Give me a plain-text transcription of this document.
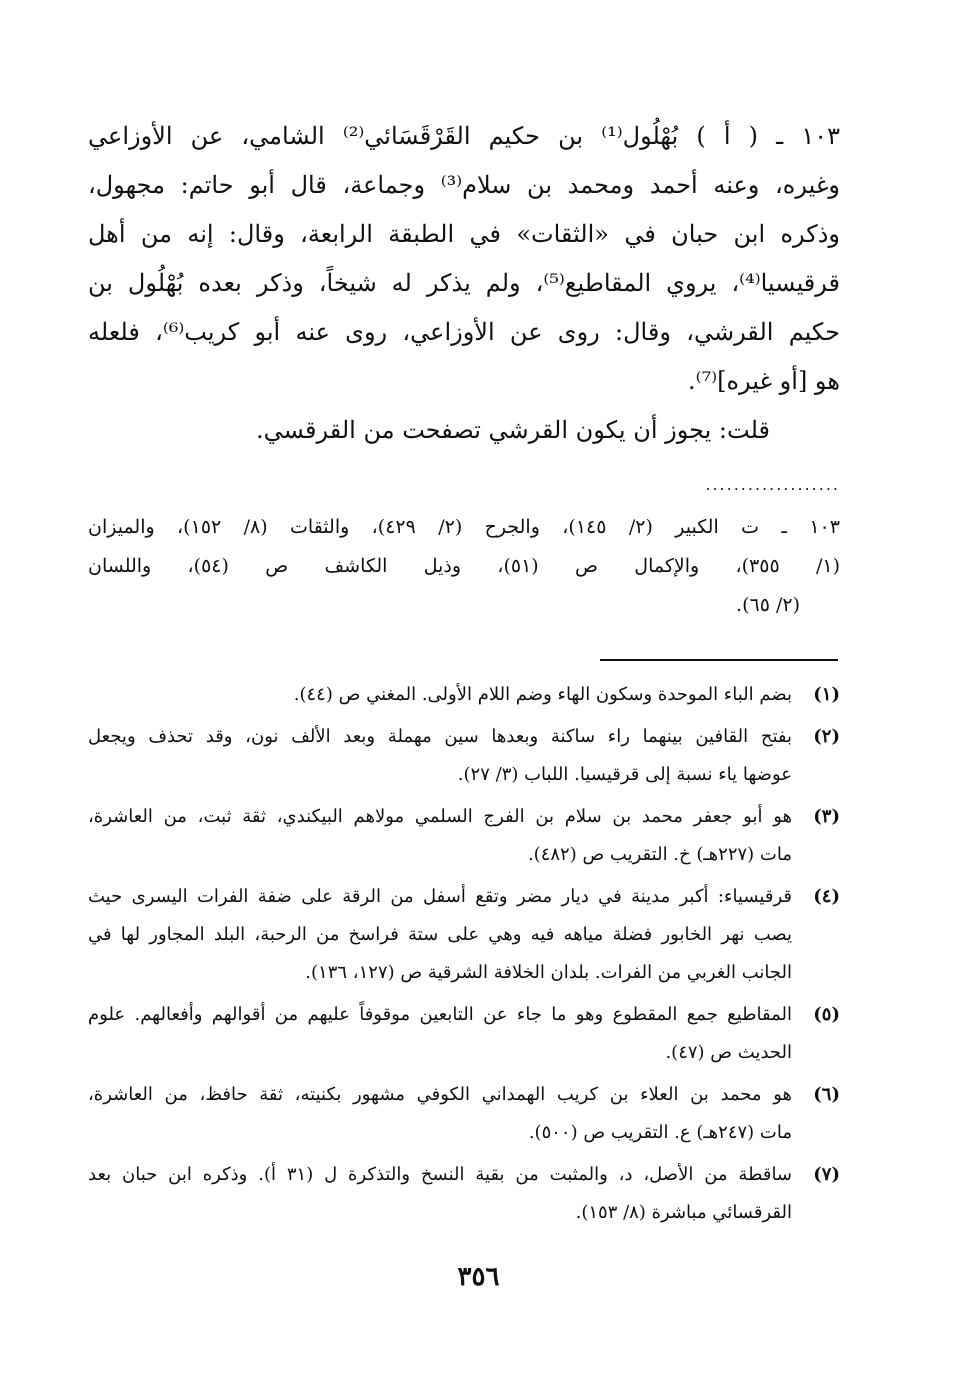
١٠٣ ـ ( أ ) بُهْلُول⁽¹⁾ بن حكيم القَرْقَسَائي⁽²⁾ الشامي، عن الأوزاعي
وغيره، وعنه أحمد ومحمد بن سلام⁽³⁾ وجماعة، قال أبو حاتم: مجهول،
وذكره ابن حبان في «الثقات» في الطبقة الرابعة، وقال: إنه من أهل
قرقيسيا⁽⁴⁾، يروي المقاطيع⁽⁵⁾، ولم يذكر له شيخاً، وذكر بعده بُهْلُول بن
حكيم القرشي، وقال: روى عن الأوزاعي، روى عنه أبو كريب⁽⁶⁾، فلعله
هو [أو غيره]⁽⁷⁾.
قلت: يجوز أن يكون القرشي تصفحت من القرقسي.
...................
١٠٣ ـ ت الكبير (٢/ ١٤٥)، والجرح (٢/ ٤٢٩)، والثقات (٨/ ١٥٢)، والميزان
(١/ ٣٥٥)، والإكمال ص (٥١)، وذيل الكاشف ص (٥٤)، واللسان
(٢/ ٦٥).
(١)
بضم الباء الموحدة وسكون الهاء وضم اللام الأولى. المغني ص (٤٤).
(٢)
بفتح القافين بينهما راء ساكنة وبعدها سين مهملة وبعد الألف نون، وقد تحذف ويجعل
عوضها ياء نسبة إلى قرقيسيا. اللباب (٣/ ٢٧).
(٣)
هو أبو جعفر محمد بن سلام بن الفرج السلمي مولاهم البيكندي، ثقة ثبت، من العاشرة،
مات (٢٢٧هـ) خ. التقريب ص (٤٨٢).
(٤)
قرقيسياء: أكبر مدينة في ديار مضر وتقع أسفل من الرقة على ضفة الفرات اليسرى حيث
يصب نهر الخابور فضلة مياهه فيه وهي على ستة فراسخ من الرحبة، البلد المجاور لها في
الجانب الغربي من الفرات. بلدان الخلافة الشرقية ص (١٢٧، ١٣٦).
(٥)
المقاطيع جمع المقطوع وهو ما جاء عن التابعين موقوفاً عليهم من أقوالهم وأفعالهم. علوم
الحديث ص (٤٧).
(٦)
هو محمد بن العلاء بن كريب الهمداني الكوفي مشهور بكنيته، ثقة حافظ، من العاشرة،
مات (٢٤٧هـ) ع. التقريب ص (٥٠٠).
(٧)
ساقطة من الأصل، د، والمثبت من بقية النسخ والتذكرة ل (٣١ أ). وذكره ابن حبان بعد
القرقسائي مباشرة (٨/ ١٥٣).
٣٥٦
